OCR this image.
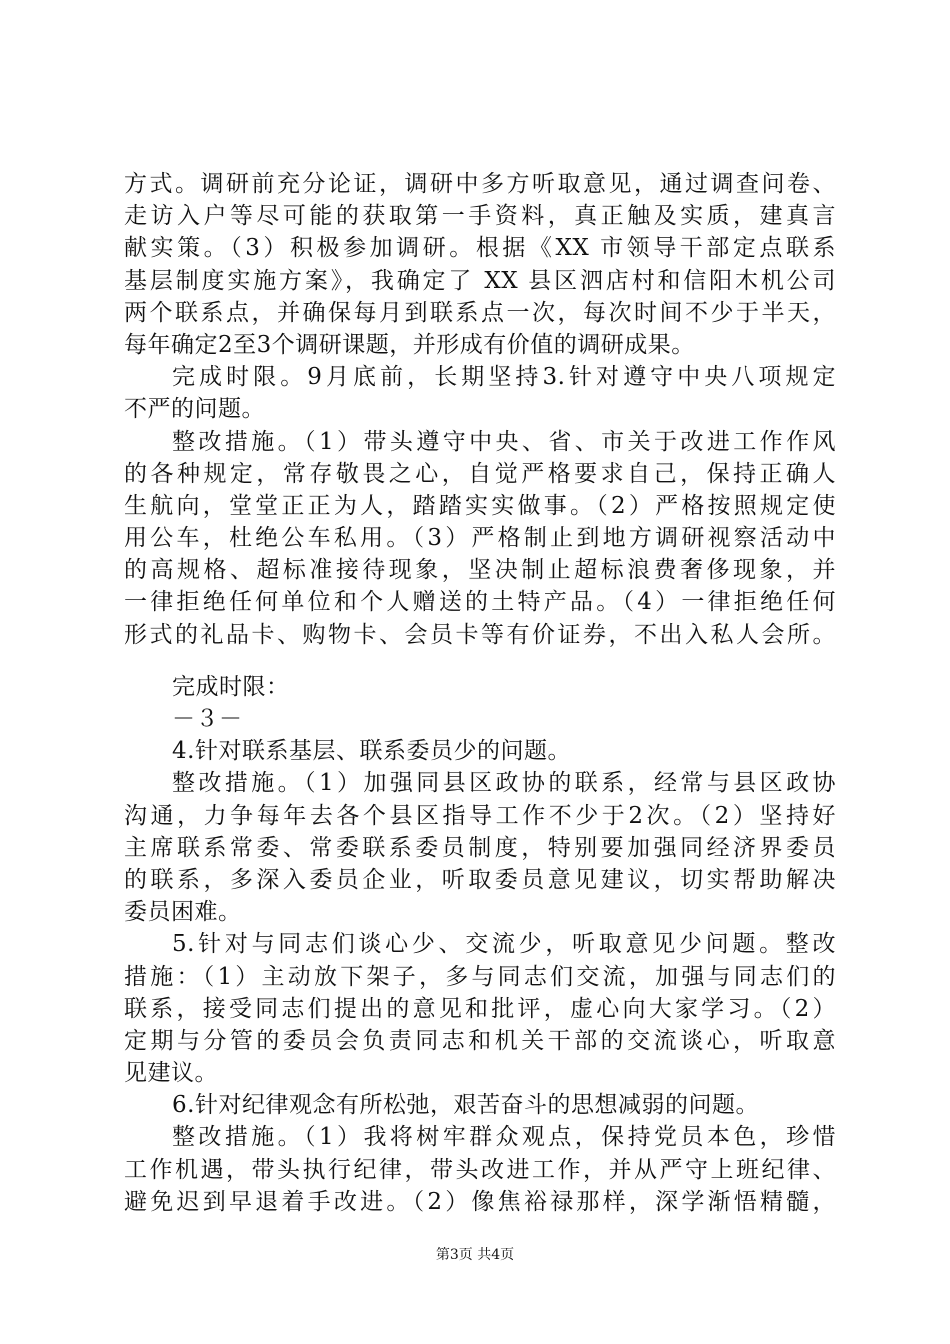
方式。调研前充分论证，调研中多方听取意见，通过调查问卷、
走访入户等尽可能的获取第一手资料，真正触及实质，建真言
献实策。（3）积极参加调研。根据《XX 市领导干部定点联系
基层制度实施方案》，我确定了 XX 县区泗店村和信阳木机公司
两个联系点，并确保每月到联系点一次，每次时间不少于半天，
每年确定2至3个调研课题，并形成有价值的调研成果。
完成时限。9月底前，长期坚持3.针对遵守中央八项规定
不严的问题。
整改措施。（1）带头遵守中央、省、市关于改进工作作风
的各种规定，常存敬畏之心，自觉严格要求自己，保持正确人
生航向，堂堂正正为人，踏踏实实做事。（2）严格按照规定使
用公车，杜绝公车私用。（3）严格制止到地方调研视察活动中
的高规格、超标准接待现象，坚决制止超标浪费奢侈现象，并
一律拒绝任何单位和个人赠送的土特产品。（4）一律拒绝任何
形式的礼品卡、购物卡、会员卡等有价证券，不出入私人会所。
完成时限：
－３－
4.针对联系基层、联系委员少的问题。
整改措施。（1）加强同县区政协的联系，经常与县区政协
沟通，力争每年去各个县区指导工作不少于2次。（2）坚持好
主席联系常委、常委联系委员制度，特别要加强同经济界委员
的联系，多深入委员企业，听取委员意见建议，切实帮助解决
委员困难。
5.针对与同志们谈心少、交流少，听取意见少问题。整改
措施：（1）主动放下架子，多与同志们交流，加强与同志们的
联系，接受同志们提出的意见和批评，虚心向大家学习。（2）
定期与分管的委员会负责同志和机关干部的交流谈心，听取意
见建议。
6.针对纪律观念有所松弛，艰苦奋斗的思想减弱的问题。
整改措施。（1）我将树牢群众观点，保持党员本色，珍惜
工作机遇，带头执行纪律，带头改进工作，并从严守上班纪律、
避免迟到早退着手改进。（2）像焦裕禄那样，深学渐悟精髓，
第3页 共4页
